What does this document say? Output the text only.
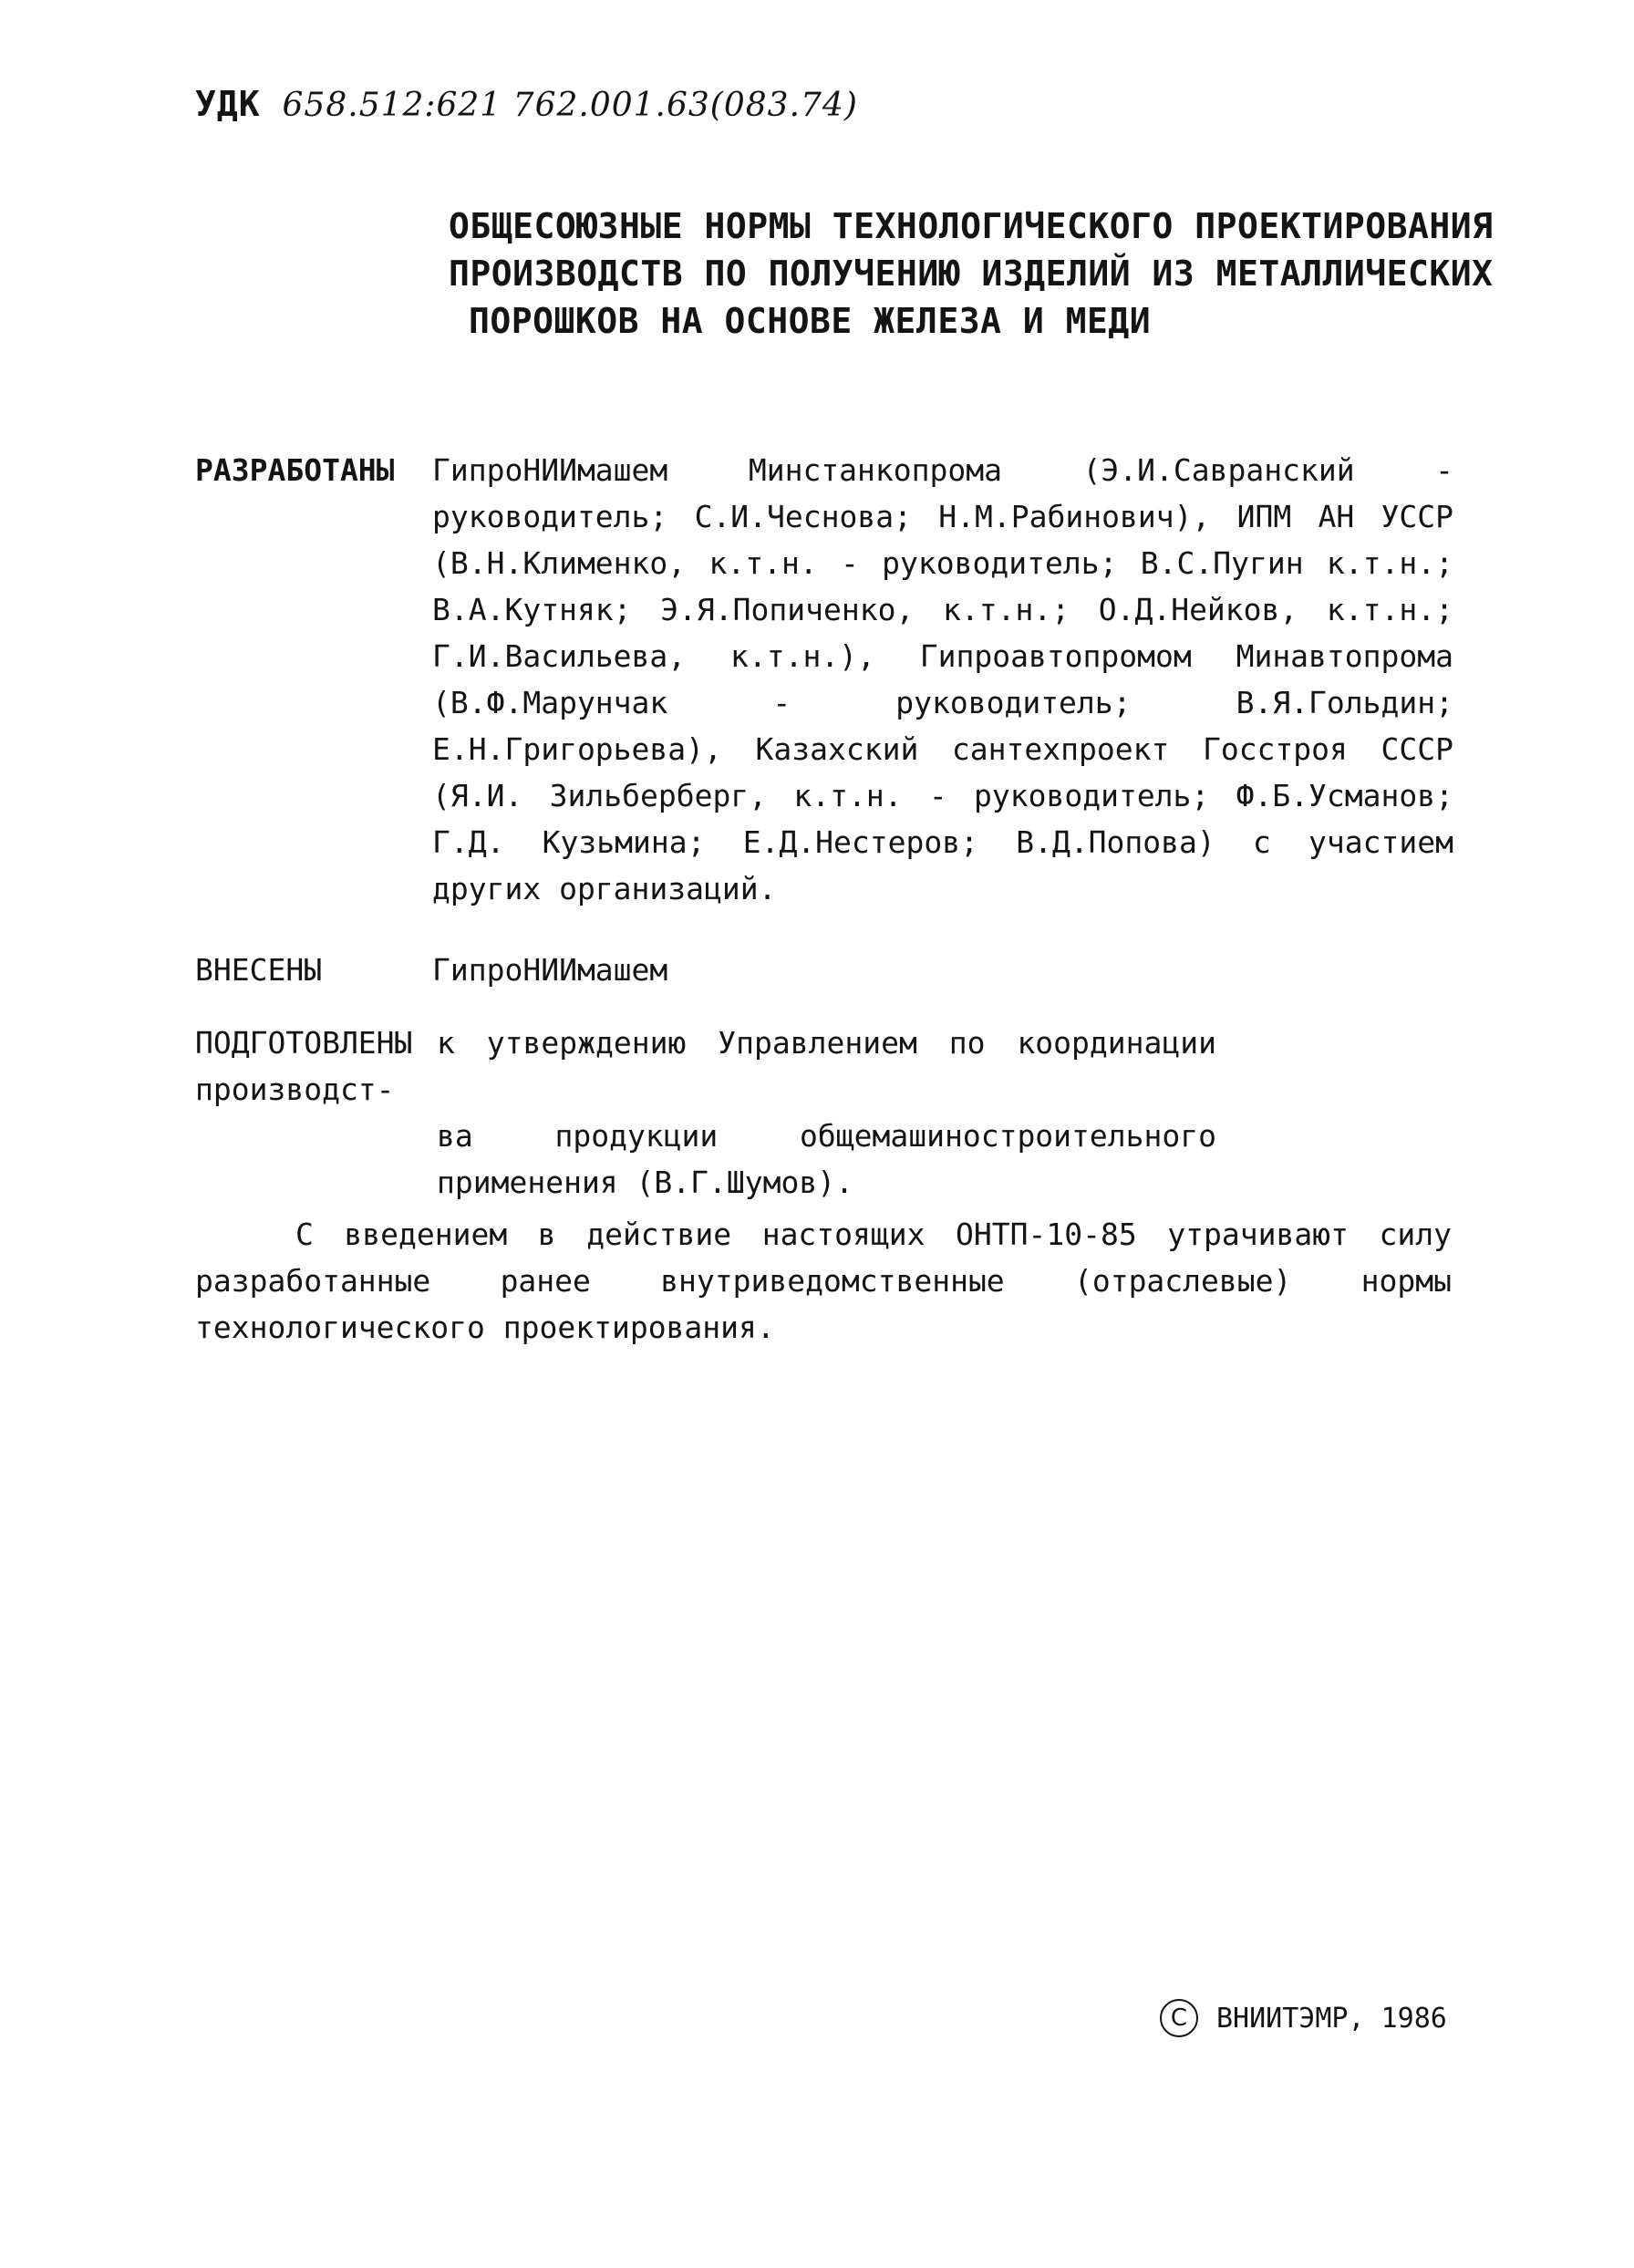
УДК 658.512:621 762.001.63(083.74)
ОБЩЕСОЮЗНЫЕ НОРМЫ ТЕХНОЛОГИЧЕСКОГО ПРОЕКТИРОВАНИЯ
ПРОИЗВОДСТВ ПО ПОЛУЧЕНИЮ ИЗДЕЛИЙ ИЗ МЕТАЛЛИЧЕСКИХ
ПОРОШКОВ НА ОСНОВЕ ЖЕЛЕЗА И МЕДИ
РАЗРАБОТАНЫ ГипроНИИмашем Минстанкопрома (Э.И.Савранский - руководитель; С.И.Чеснова; Н.М.Рабинович), ИПМ АН УССР (В.Н.Клименко, к.т.н. - руководитель; В.С.Пугин к.т.н.; В.А.Кутняк; Э.Я.Попиченко, к.т.н.; О.Д.Нейков, к.т.н.; Г.И.Васильева, к.т.н.), Гипроавтопромом Минавтопрома (В.Ф.Марунчак - руководитель; В.Я.Гольдин; Е.Н.Григорьева), Казахский сантехпроект Госстроя СССР (Я.И. Зильберберг, к.т.н. - руководитель; Ф.Б.Усманов; Г.Д. Кузьмина; Е.Д.Нестеров; В.Д.Попова) с участием других организаций.
ВНЕСЕНЫ	ГипроНИИмашем
ПОДГОТОВЛЕНЫ к утверждению Управлением по координации производст-
ва продукции общемашиностроительного применения (В.Г.Шумов).
С введением в действие настоящих ОНТП-10-85 утрачивают силу разработанные ранее внутриведомственные (отраслевые) нормы технологического проектирования.
C	ВНИИТЭМР, 1986
